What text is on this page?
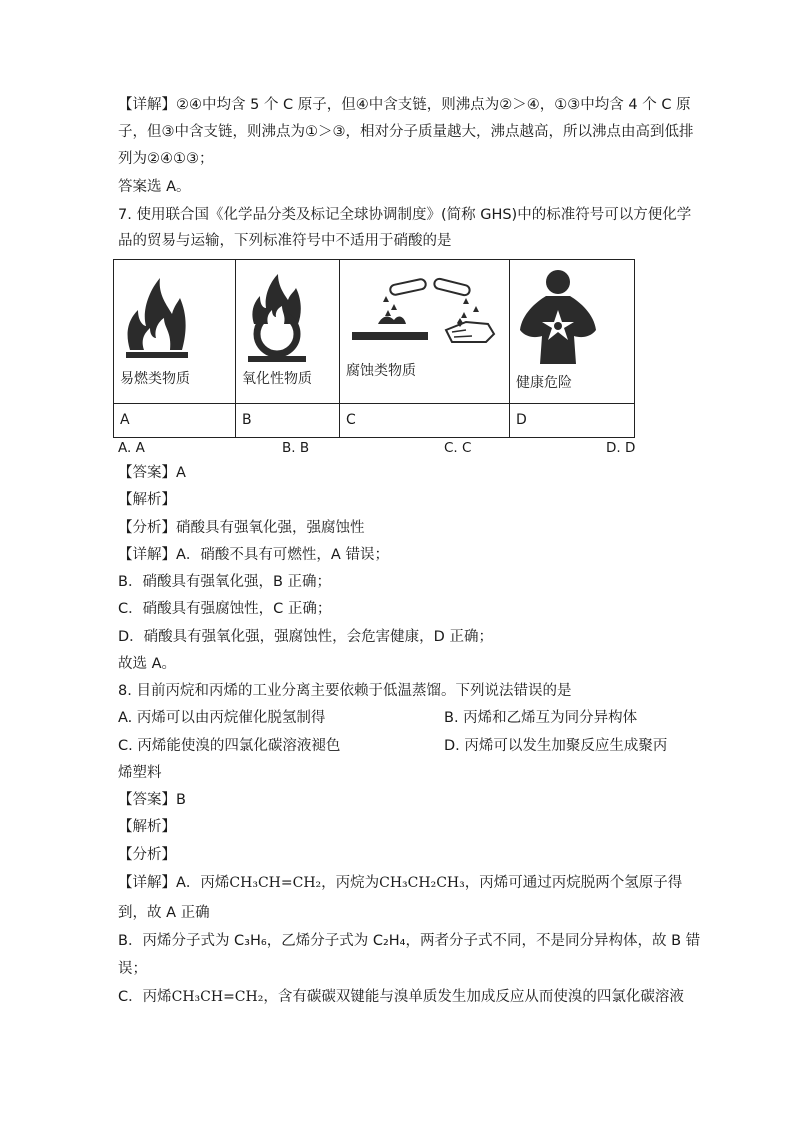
【详解】②④中均含 5 个 C 原子，但④中含支链，则沸点为②＞④，①③中均含 4 个 C 原
子，但③中含支链，则沸点为①＞③，相对分子质量越大，沸点越高，所以沸点由高到低排
列为②④①③；
答案选 A。
7. 使用联合国《化学品分类及标记全球协调制度》(简称 GHS)中的标准符号可以方便化学
品的贸易与运输，下列标准符号中不适用于硝酸的是
易燃类物质	氧化性物质	腐蚀类物质	健康危险

A	B	C	D
A. A	B. B	C. C	D. D
【答案】A
【解析】
【分析】硝酸具有强氧化强，强腐蚀性
【详解】A．硝酸不具有可燃性，A 错误；
B．硝酸具有强氧化强，B 正确；
C．硝酸具有强腐蚀性，C 正确；
D．硝酸具有强氧化强，强腐蚀性，会危害健康，D 正确；
故选 A。
8. 目前丙烷和丙烯的工业分离主要依赖于低温蒸馏。下列说法错误的是
A. 丙烯可以由丙烷催化脱氢制得	B. 丙烯和乙烯互为同分异构体
C. 丙烯能使溴的四氯化碳溶液褪色	D. 丙烯可以发生加聚反应生成聚丙
烯塑料
【答案】B
【解析】
【分析】
【详解】A．丙烯CH₃CH=CH₂，丙烷为CH₃CH₂CH₃，丙烯可通过丙烷脱两个氢原子得
到，故 A 正确
B．丙烯分子式为 C₃H₆，乙烯分子式为 C₂H₄，两者分子式不同，不是同分异构体，故 B 错
误；
C．丙烯CH₃CH=CH₂，含有碳碳双键能与溴单质发生加成反应从而使溴的四氯化碳溶液
